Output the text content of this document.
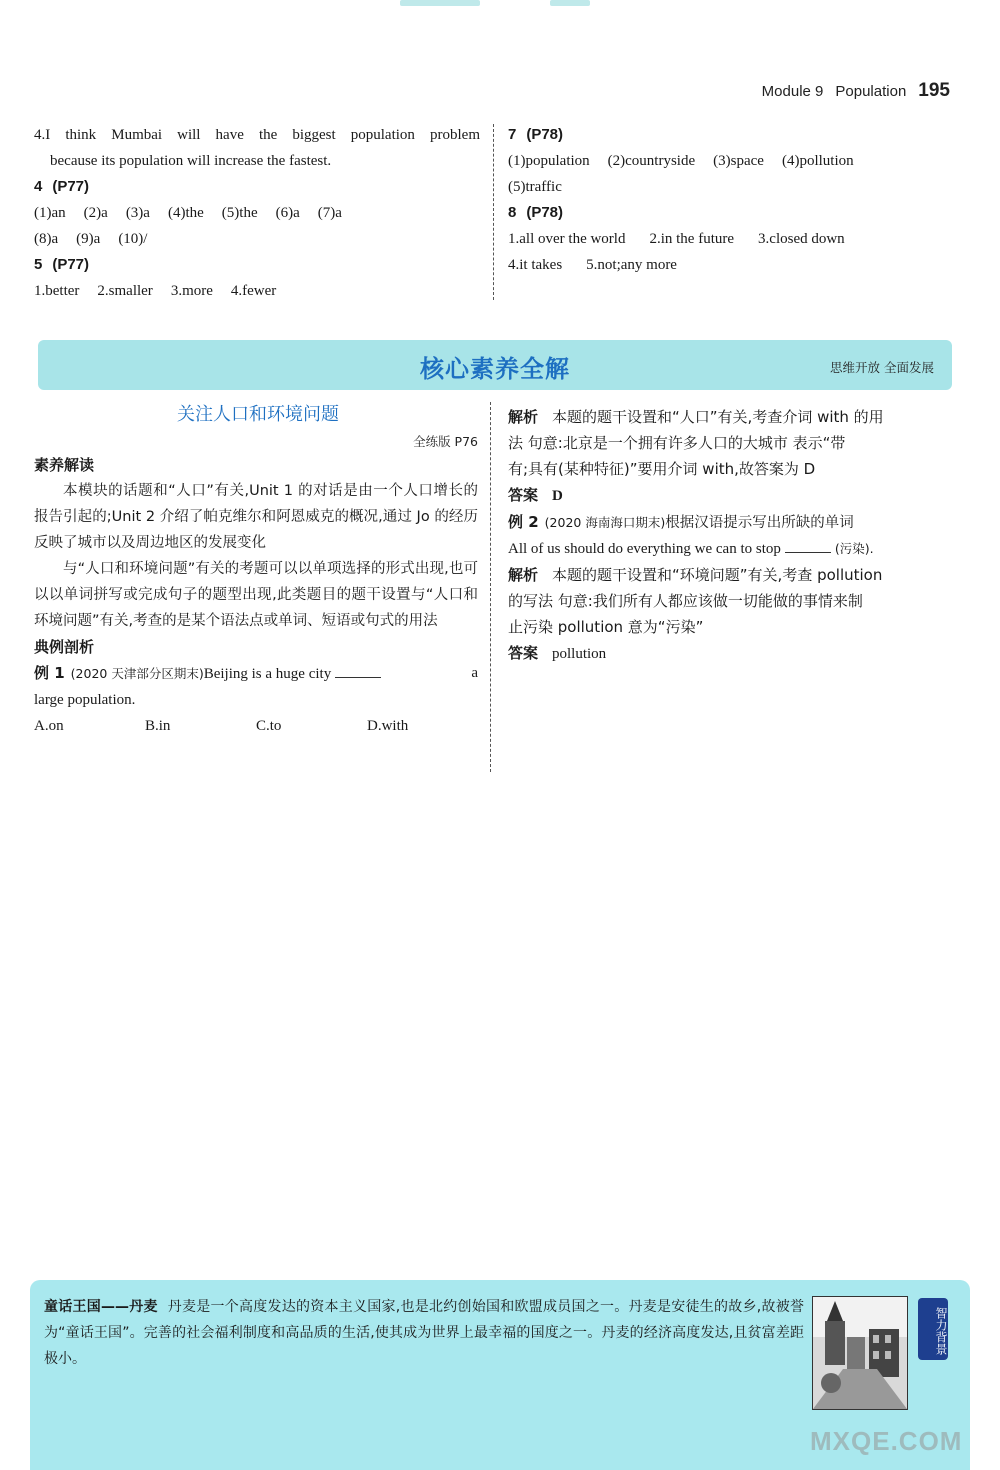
Module 9 Population 195
4.I think Mumbai will have the biggest population problem
because its population will increase the fastest.
4 (P77)
(1)an (2)a (3)a (4)the (5)the (6)a (7)a
(8)a (9)a (10)/
5 (P77)
1.better 2.smaller 3.more 4.fewer
7 (P78)
(1)population (2)countryside (3)space (4)pollution
(5)traffic
8 (P78)
1.all over the world 2.in the future 3.closed down
4.it takes 5.not;any more
核心素养全解	思维开放 全面发展
关注人口和环境问题
全练版 P76
素养解读
本模块的话题和“人口”有关,Unit 1 的对话是由一个人口增长的报告引起的;Unit 2 介绍了帕克维尔和阿恩威克的概况,通过 Jo 的经历反映了城市以及周边地区的发展变化
与“人口和环境问题”有关的考题可以以单项选择的形式出现,也可以以单词拼写或完成句子的题型出现,此类题目的题干设置与“人口和环境问题”有关,考查的是某个语法点或单词、短语或句式的用法
典例剖析
例 1 (2020 天津部分区期末)Beijing is a huge city	a
large population.
A.on	B.in	C.to	D.with
解析 本题的题干设置和“人口”有关,考查介词 with 的用
法 句意:北京是一个拥有许多人口的大城市 表示“带
有;具有(某种特征)”要用介词 with,故答案为 D
答案 D
例 2 (2020 海南海口期末)根据汉语提示写出所缺的单词
All of us should do everything we can to stop	(污染).
解析 本题的题干设置和“环境问题”有关,考查 pollution
的写法 句意:我们所有人都应该做一切能做的事情来制
止污染 pollution 意为“污染”
答案 pollution
童话王国——丹麦 丹麦是一个高度发达的资本主义国家,也是北约创始国和欧盟成员国之一。丹麦是安徒生的故乡,故被誉为“童话王国”。完善的社会福利制度和高品质的生活,使其成为世界上最幸福的国度之一。丹麦的经济高度发达,且贫富差距极小。
智力背景
MXQE.COM
